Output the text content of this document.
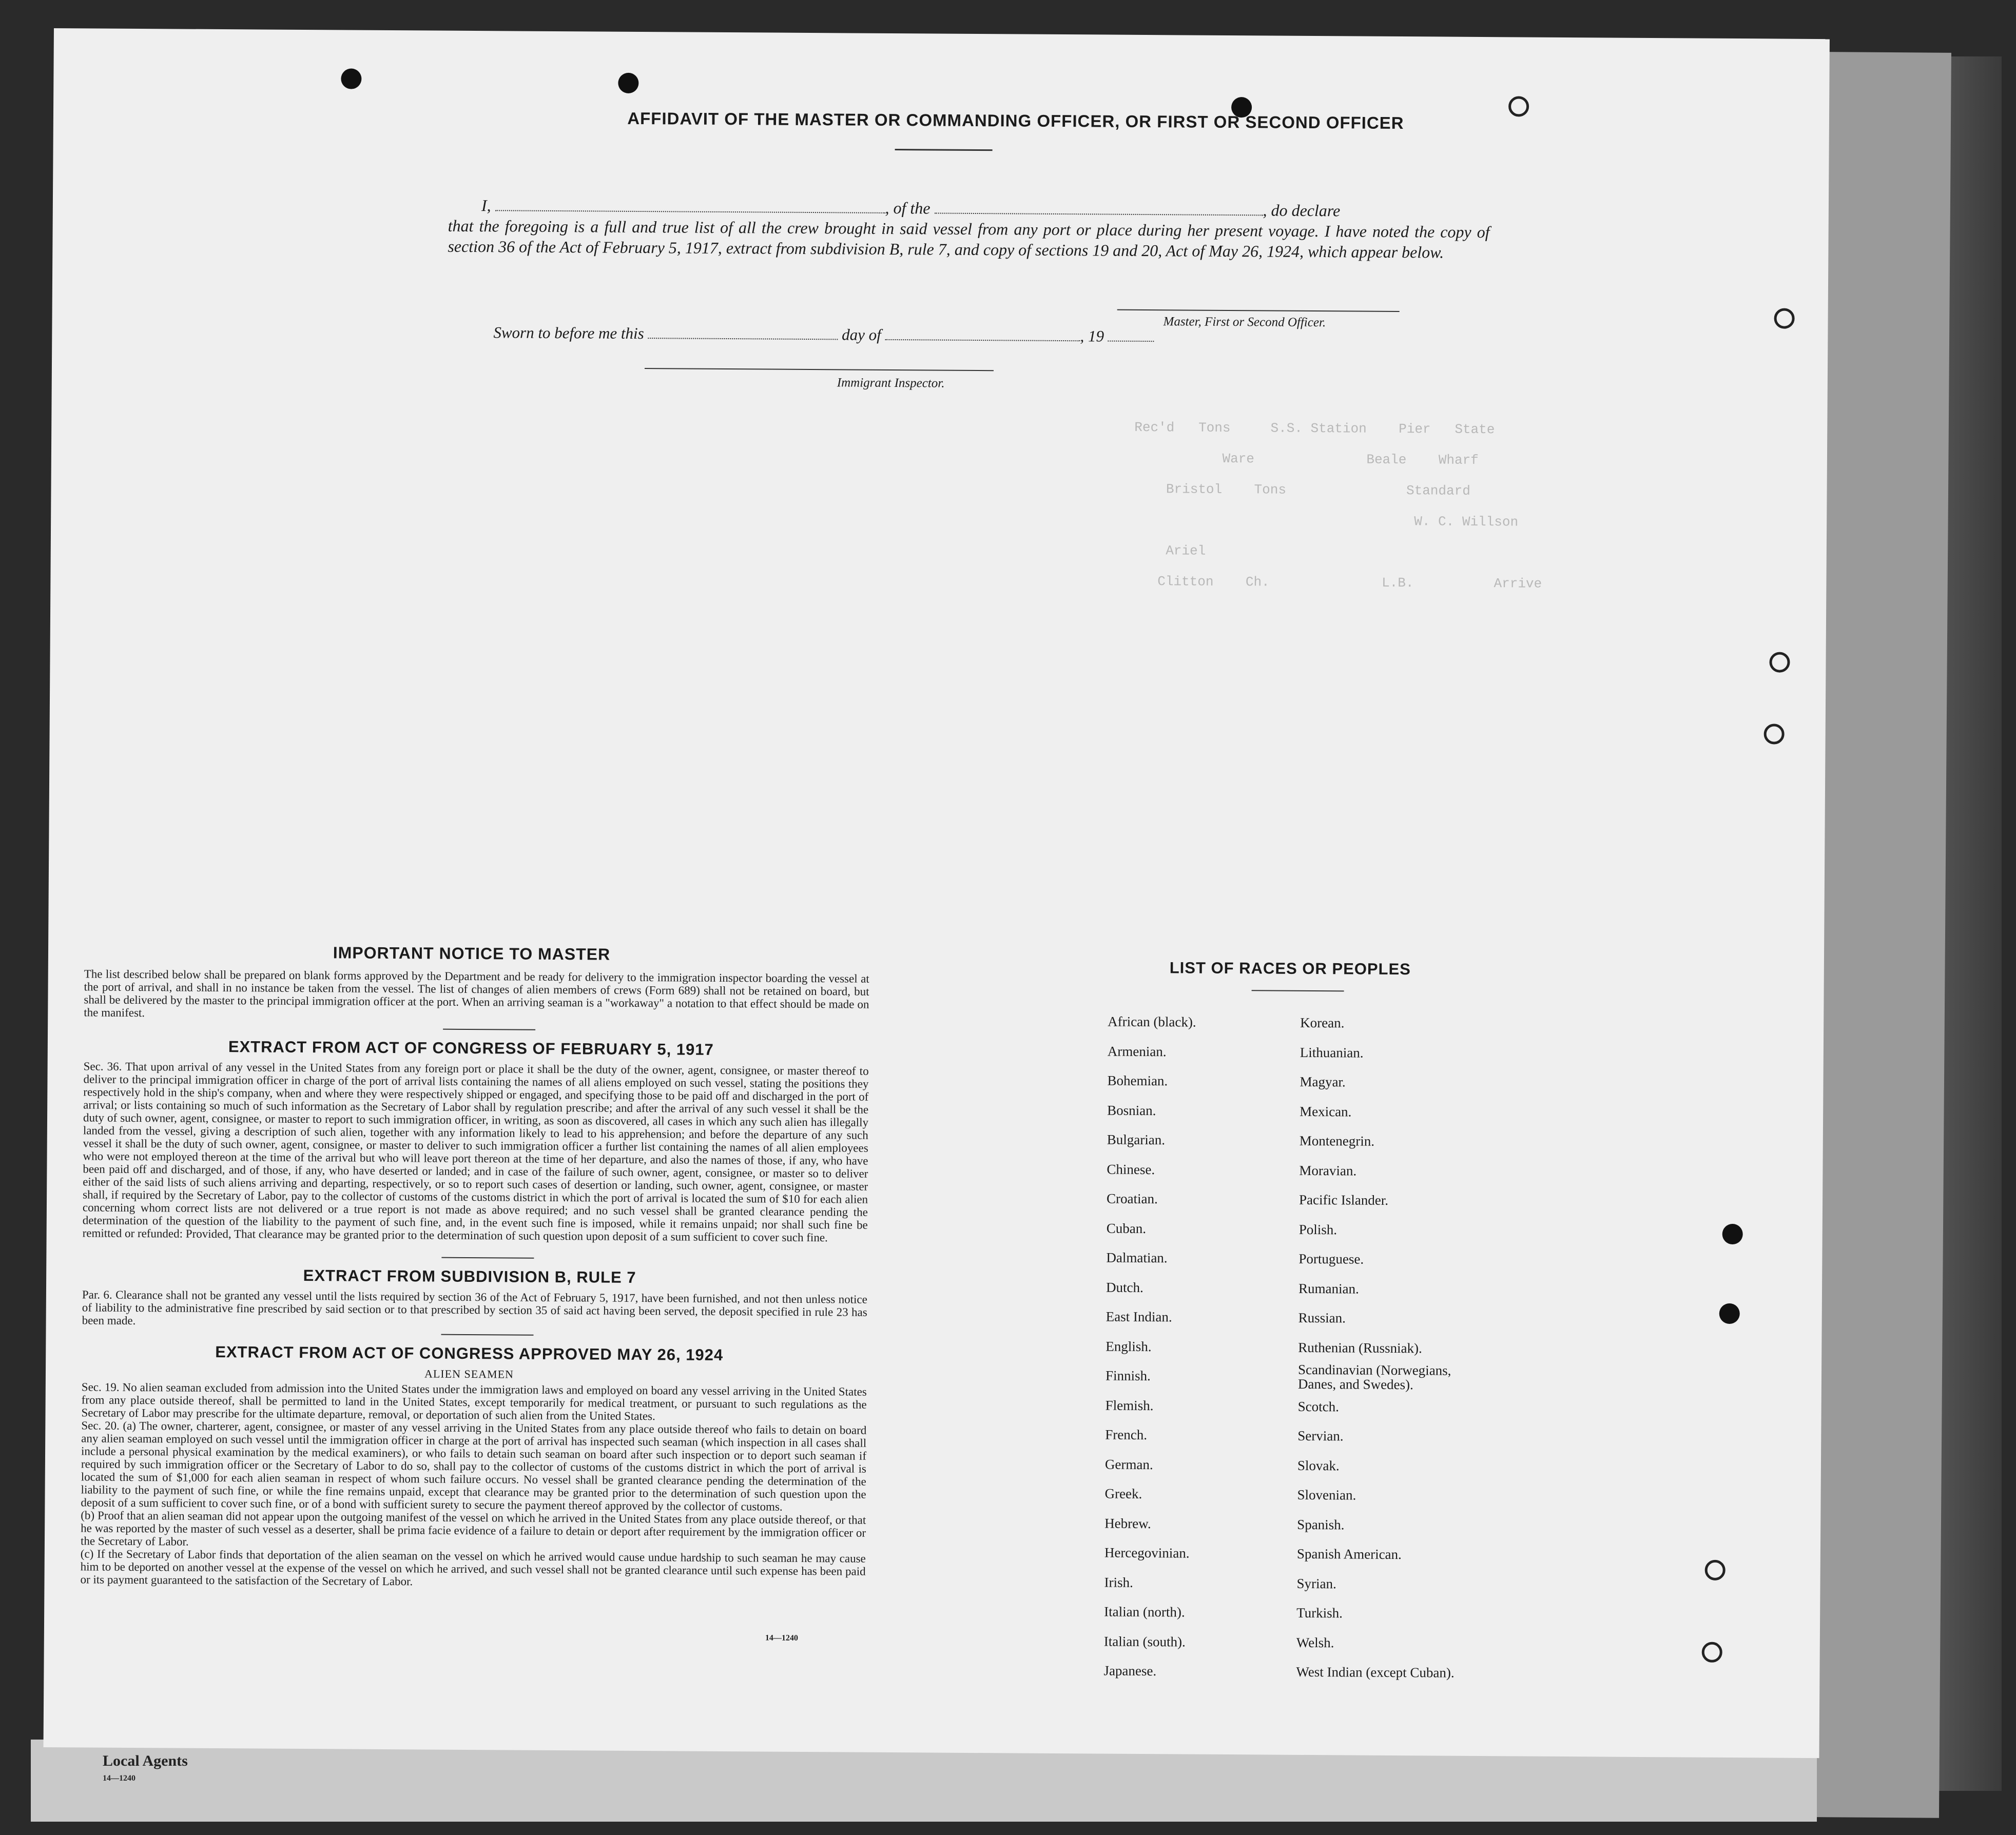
Local Agents
14—1240
Rec'd   Tons     S.S. Station    Pier   State
Ware              Beale    Wharf
Bristol    Tons               Standard
W. C. Willson
Ariel
Clitton    Ch.              L.B.          Arrive
AFFIDAVIT OF THE MASTER OR COMMANDING OFFICER, OR FIRST OR SECOND OFFICER
I,	, of the	, do declare
that the foregoing is a full and true list of all the crew brought in said vessel from any port or place during her present voyage. I have noted the copy of section 36 of the Act of February 5, 1917, extract from subdivision B, rule 7, and copy of sections 19 and 20, Act of May 26, 1924, which appear below.
Master, First or Second Officer.
Sworn to before me this	day of	, 19
Immigrant Inspector.
IMPORTANT NOTICE TO MASTER
The list described below shall be prepared on blank forms approved by the Department and be ready for delivery to the immigration inspector boarding the vessel at the port of arrival, and shall in no instance be taken from the vessel. The list of changes of alien members of crews (Form 689) shall not be retained on board, but shall be delivered by the master to the principal immigration officer at the port. When an arriving seaman is a "workaway" a notation to that effect should be made on the manifest.
EXTRACT FROM ACT OF CONGRESS OF FEBRUARY 5, 1917
Sec. 36. That upon arrival of any vessel in the United States from any foreign port or place it shall be the duty of the owner, agent, consignee, or master thereof to deliver to the principal immigration officer in charge of the port of arrival lists containing the names of all aliens employed on such vessel, stating the positions they respectively hold in the ship's company, when and where they were respectively shipped or engaged, and specifying those to be paid off and discharged in the port of arrival; or lists containing so much of such information as the Secretary of Labor shall by regulation prescribe; and after the arrival of any such vessel it shall be the duty of such owner, agent, consignee, or master to report to such immigration officer, in writing, as soon as discovered, all cases in which any such alien has illegally landed from the vessel, giving a description of such alien, together with any information likely to lead to his apprehension; and before the departure of any such vessel it shall be the duty of such owner, agent, consignee, or master to deliver to such immigration officer a further list containing the names of all alien employees who were not employed thereon at the time of the arrival but who will leave port thereon at the time of her departure, and also the names of those, if any, who have been paid off and discharged, and of those, if any, who have deserted or landed; and in case of the failure of such owner, agent, consignee, or master so to deliver either of the said lists of such aliens arriving and departing, respectively, or so to report such cases of desertion or landing, such owner, agent, consignee, or master shall, if required by the Secretary of Labor, pay to the collector of customs of the customs district in which the port of arrival is located the sum of $10 for each alien concerning whom correct lists are not delivered or a true report is not made as above required; and no such vessel shall be granted clearance pending the determination of the question of the liability to the payment of such fine, and, in the event such fine is imposed, while it remains unpaid; nor shall such fine be remitted or refunded: Provided, That clearance may be granted prior to the determination of such question upon deposit of a sum sufficient to cover such fine.
EXTRACT FROM SUBDIVISION B, RULE 7
Par. 6. Clearance shall not be granted any vessel until the lists required by section 36 of the Act of February 5, 1917, have been furnished, and not then unless notice of liability to the administrative fine prescribed by said section or to that prescribed by section 35 of said act having been served, the deposit specified in rule 23 has been made.
EXTRACT FROM ACT OF CONGRESS APPROVED MAY 26, 1924
ALIEN SEAMEN
Sec. 19. No alien seaman excluded from admission into the United States under the immigration laws and employed on board any vessel arriving in the United States from any place outside thereof, shall be permitted to land in the United States, except temporarily for medical treatment, or pursuant to such regulations as the Secretary of Labor may prescribe for the ultimate departure, removal, or deportation of such alien from the United States.
Sec. 20. (a) The owner, charterer, agent, consignee, or master of any vessel arriving in the United States from any place outside thereof who fails to detain on board any alien seaman employed on such vessel until the immigration officer in charge at the port of arrival has inspected such seaman (which inspection in all cases shall include a personal physical examination by the medical examiners), or who fails to detain such seaman on board after such inspection or to deport such seaman if required by such immigration officer or the Secretary of Labor to do so, shall pay to the collector of customs of the customs district in which the port of arrival is located the sum of $1,000 for each alien seaman in respect of whom such failure occurs. No vessel shall be granted clearance pending the determination of the liability to the payment of such fine, or while the fine remains unpaid, except that clearance may be granted prior to the determination of such question upon the deposit of a sum sufficient to cover such fine, or of a bond with sufficient surety to secure the payment thereof approved by the collector of customs.
(b) Proof that an alien seaman did not appear upon the outgoing manifest of the vessel on which he arrived in the United States from any place outside thereof, or that he was reported by the master of such vessel as a deserter, shall be prima facie evidence of a failure to detain or deport after requirement by the immigration officer or the Secretary of Labor.
(c) If the Secretary of Labor finds that deportation of the alien seaman on the vessel on which he arrived would cause undue hardship to such seaman he may cause him to be deported on another vessel at the expense of the vessel on which he arrived, and such vessel shall not be granted clearance until such expense has been paid or its payment guaranteed to the satisfaction of the Secretary of Labor.
14—1240
LIST OF RACES OR PEOPLES
African (black).
Armenian.
Bohemian.
Bosnian.
Bulgarian.
Chinese.
Croatian.
Cuban.
Dalmatian.
Dutch.
East Indian.
English.
Finnish.
Flemish.
French.
German.
Greek.
Hebrew.
Hercegovinian.
Irish.
Italian (north).
Italian (south).
Japanese.
Korean.
Lithuanian.
Magyar.
Mexican.
Montenegrin.
Moravian.
Pacific Islander.
Polish.
Portuguese.
Rumanian.
Russian.
Ruthenian (Russniak).
Scandinavian (Norwegians, Danes, and Swedes).
Scotch.
Servian.
Slovak.
Slovenian.
Spanish.
Spanish American.
Syrian.
Turkish.
Welsh.
West Indian (except Cuban).
